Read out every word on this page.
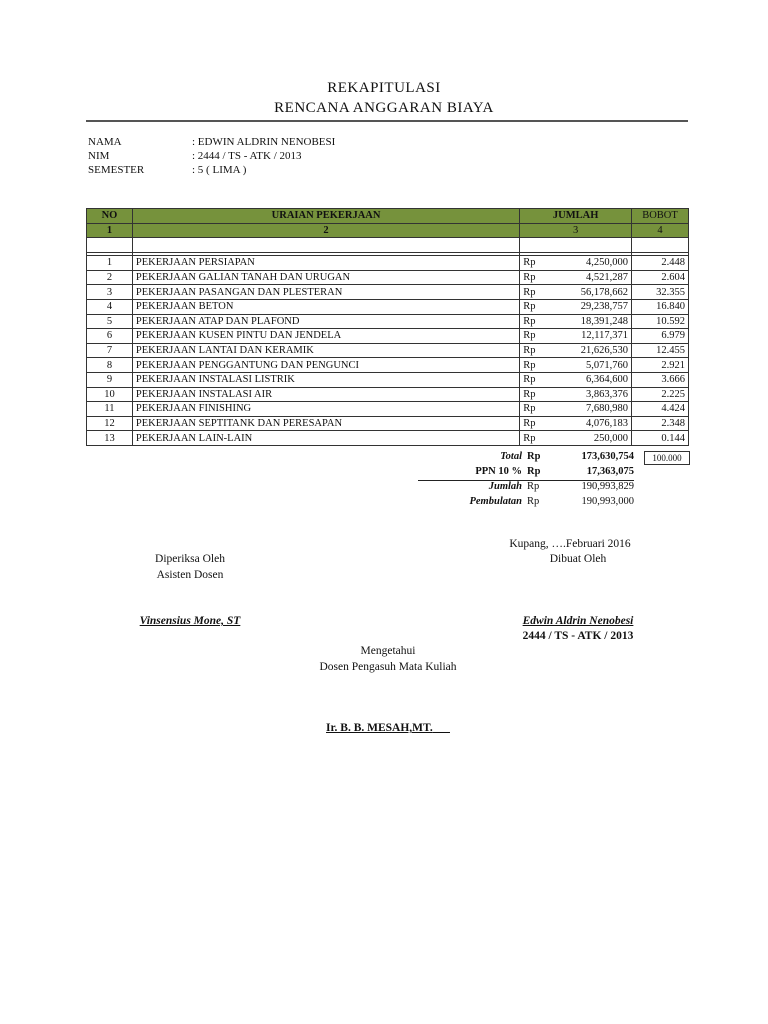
REKAPITULASI
RENCANA ANGGARAN BIAYA
NAMA	: EDWIN ALDRIN NENOBESI
NIM	: 2444 / TS - ATK / 2013
SEMESTER	: 5 ( LIMA )
NO	URAIAN PEKERJAAN	JUMLAH		BOBOT
1	2	3		4

1	PEKERJAAN PERSIAPAN	Rp	4,250,000	2.448
2	PEKERJAAN GALIAN TANAH DAN URUGAN	Rp	4,521,287	2.604
3	PEKERJAAN PASANGAN DAN PLESTERAN	Rp	56,178,662	32.355
4	PEKERJAAN BETON	Rp	29,238,757	16.840
5	PEKERJAAN ATAP DAN PLAFOND	Rp	18,391,248	10.592
6	PEKERJAAN KUSEN PINTU DAN JENDELA	Rp	12,117,371	6.979
7	PEKERJAAN LANTAI DAN KERAMIK	Rp	21,626,530	12.455
8	PEKERJAAN PENGGANTUNG DAN PENGUNCI	Rp	5,071,760	2.921
9	PEKERJAAN INSTALASI LISTRIK	Rp	6,364,600	3.666
10	PEKERJAAN INSTALASI AIR	Rp	3,863,376	2.225
11	PEKERJAAN FINISHING	Rp	7,680,980	4.424
12	PEKERJAAN SEPTITANK DAN PERESAPAN	Rp	4,076,183	2.348
13	PEKERJAAN LAIN-LAIN	Rp	250,000	0.144
Total Rp	173,630,754	100.000
PPN 10 % Rp	17,363,075
Jumlah Rp	190,993,829
Pembulatan Rp	190,993,000
Kupang, ….Februari 2016
Diperiksa Oleh
Asisten Dosen
Dibuat Oleh
Vinsensius Mone, ST	Edwin Aldrin Nenobesi
2444 / TS - ATK / 2013
Mengetahui
Dosen Pengasuh Mata Kuliah
Ir. B. B. MESAH,MT.
